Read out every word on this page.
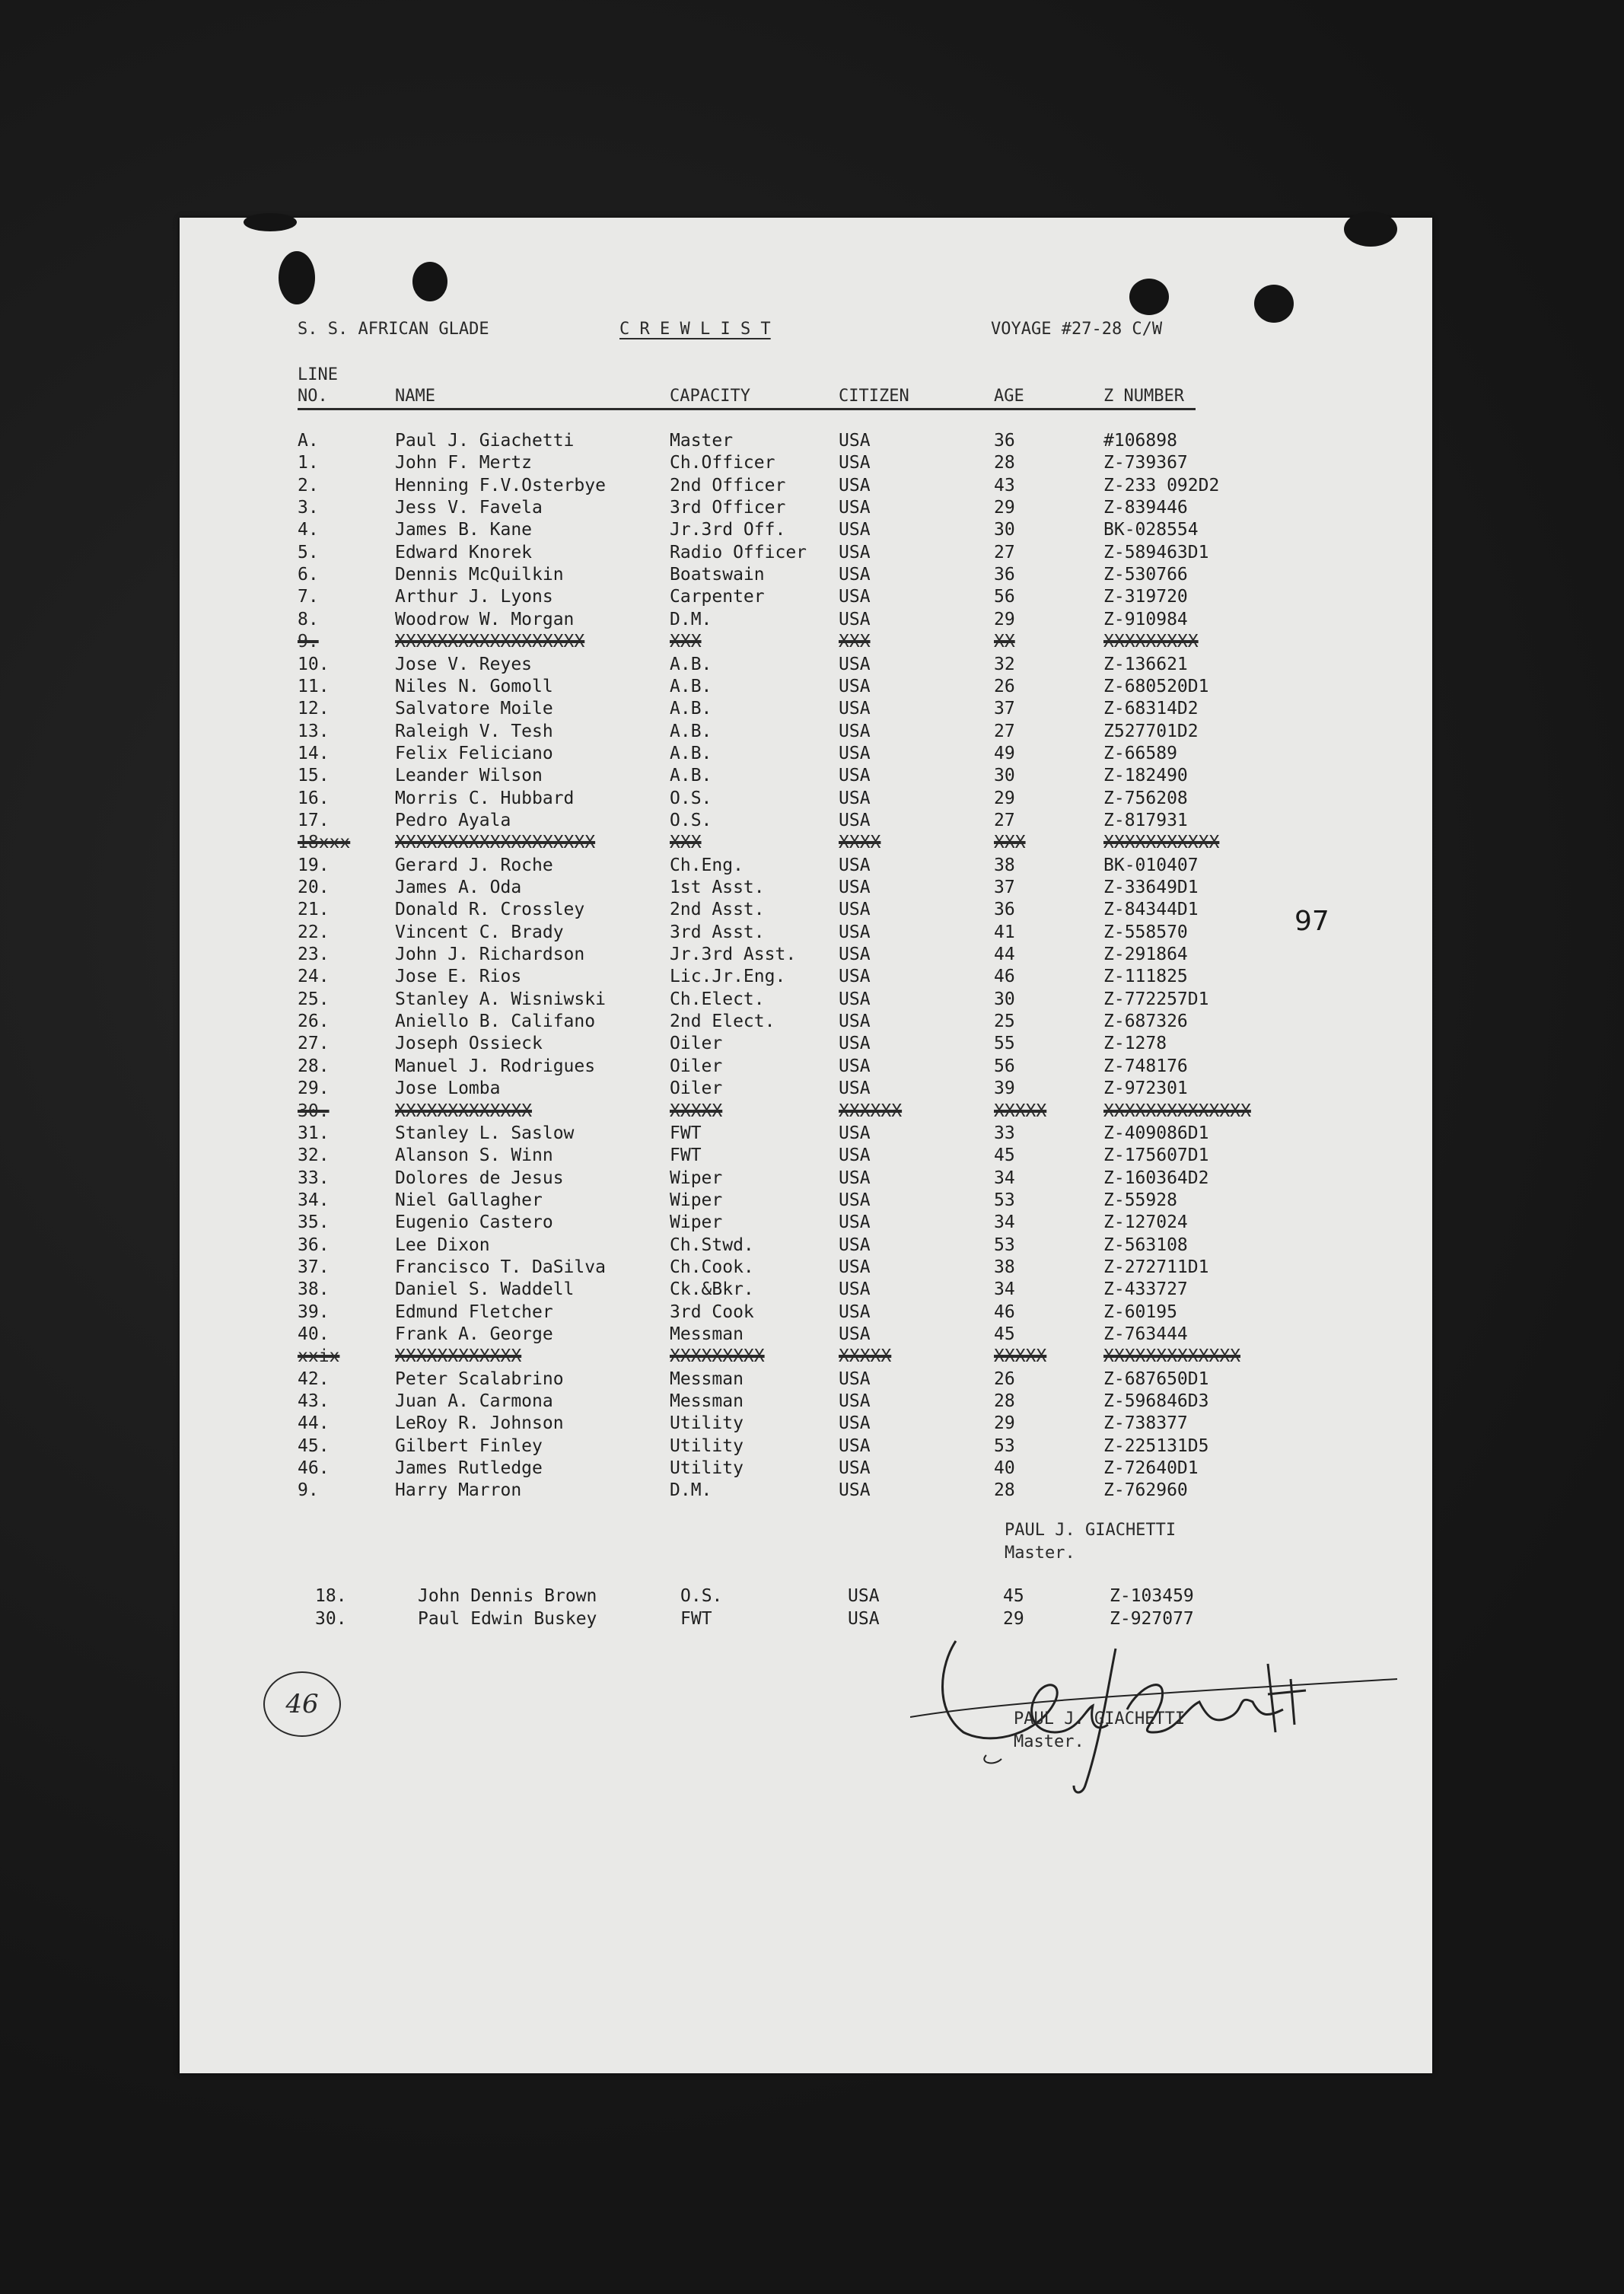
S. S. AFRICAN GLADE	C R E W L I S T	VOYAGE #27-28 C/W
LINE
NO.	NAME	CAPACITY	CITIZEN	AGE	Z NUMBER
A.	Paul J. Giachetti	Master	USA	36	#106898
1.	John F. Mertz	Ch.Officer	USA	28	Z-739367
2.	Henning F.V.Osterbye	2nd Officer	USA	43	Z-233 092D2
3.	Jess V. Favela	3rd Officer	USA	29	Z-839446
4.	James B. Kane	Jr.3rd Off.	USA	30	BK-028554
5.	Edward Knorek	Radio Officer USA	27	Z-589463D1
6.	Dennis McQuilkin	Boatswain	USA	36	Z-530766
7.	Arthur J. Lyons	Carpenter	USA	56	Z-319720
8.	Woodrow W. Morgan	D.M.	USA	29	Z-910984
9.	XXXXXXXXXXXXXXXXXX	XXX	XXX	XX	XXXXXXXXX
10.	Jose V. Reyes	A.B.	USA	32	Z-136621
11.	Niles N. Gomoll	A.B.	USA	26	Z-680520D1
12.	Salvatore Moile	A.B.	USA	37	Z-68314D2
13.	Raleigh V. Tesh	A.B.	USA	27	Z527701D2
14.	Felix Feliciano	A.B.	USA	49	Z-66589
15.	Leander Wilson	A.B.	USA	30	Z-182490
16.	Morris C. Hubbard	O.S.	USA	29	Z-756208
17.	Pedro Ayala	O.S.	USA	27	Z-817931
18xxx	XXXXXXXXXXXXXXXXXXX	XXX	XXXX	XXX	XXXXXXXXXXX
19.	Gerard J. Roche	Ch.Eng.	USA	38	BK-010407
20.	James A. Oda	1st Asst.	USA	37	Z-33649D1
21.	Donald R. Crossley	2nd Asst.	USA	36	Z-84344D1
22.	Vincent C. Brady	3rd Asst.	USA	41	Z-558570
23.	John J. Richardson	Jr.3rd Asst. USA	44	Z-291864
24.	Jose E. Rios	Lic.Jr.Eng.	USA	46	Z-111825
25.	Stanley A. Wisniwski	Ch.Elect.	USA	30	Z-772257D1
26.	Aniello B. Califano	2nd Elect.	USA	25	Z-687326
27.	Joseph Ossieck	Oiler	USA	55	Z-1278
28.	Manuel J. Rodrigues	Oiler	USA	56	Z-748176
29.	Jose Lomba	Oiler	USA	39	Z-972301
30.	XXXXXXXXXXXXX	XXXXX	XXXXXX	XXXXX	XXXXXXXXXXXXXX
31.	Stanley L. Saslow	FWT	USA	33	Z-409086D1
32.	Alanson S. Winn	FWT	USA	45	Z-175607D1
33.	Dolores de Jesus	Wiper	USA	34	Z-160364D2
34.	Niel Gallagher	Wiper	USA	53	Z-55928
35.	Eugenio Castero	Wiper	USA	34	Z-127024
36.	Lee Dixon	Ch.Stwd.	USA	53	Z-563108
37.	Francisco T. DaSilva	Ch.Cook.	USA	38	Z-272711D1
38.	Daniel S. Waddell	Ck.&Bkr.	USA	34	Z-433727
39.	Edmund Fletcher	3rd Cook	USA	46	Z-60195
40.	Frank A. George	Messman	USA	45	Z-763444
xxix	XXXXXXXXXXXX	XXXXXXXXX	XXXXX	XXXXX	XXXXXXXXXXXXX
42.	Peter Scalabrino	Messman	USA	26	Z-687650D1
43.	Juan A. Carmona	Messman	USA	28	Z-596846D3
44.	LeRoy R. Johnson	Utility	USA	29	Z-738377
45.	Gilbert Finley	Utility	USA	53	Z-225131D5
46.	James Rutledge	Utility	USA	40	Z-72640D1
9.	Harry Marron	D.M.	USA	28	Z-762960
PAUL J. GIACHETTI
Master.
18.	John Dennis Brown	O.S.	USA	45	Z-103459
30.	Paul Edwin Buskey	FWT	USA	29	Z-927077
97
46	PAUL J. GIACHETTI
Master.
